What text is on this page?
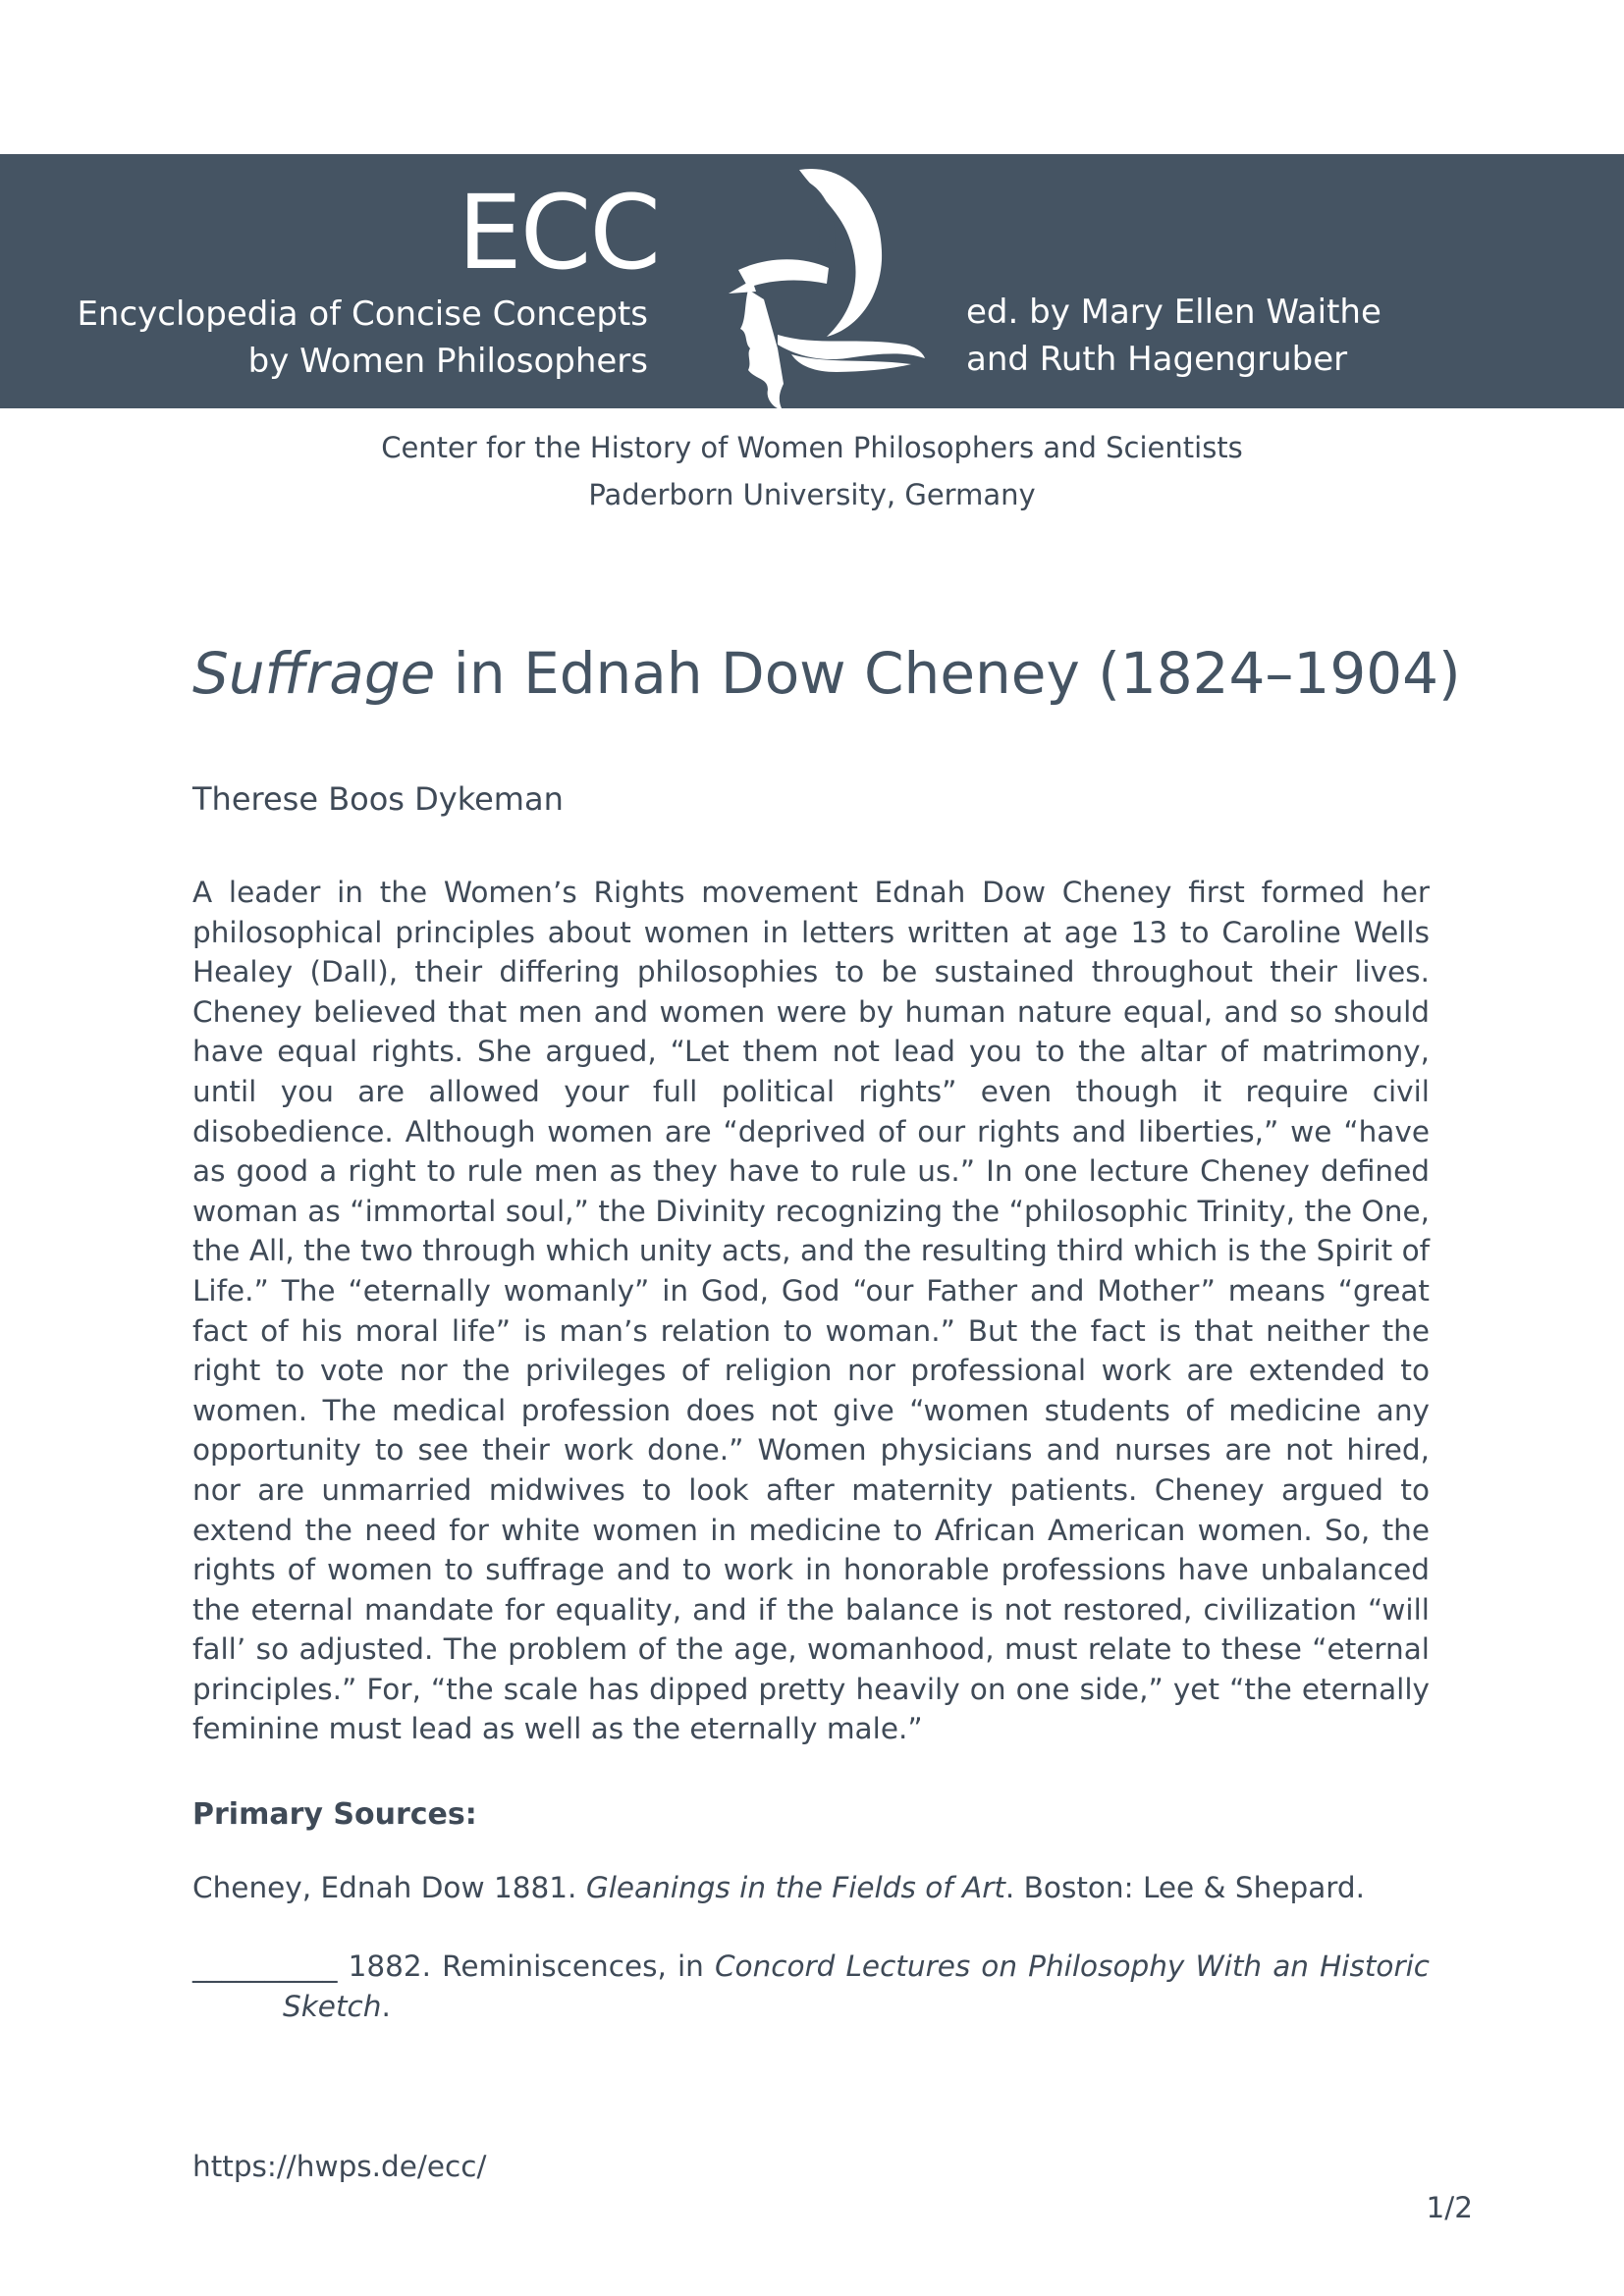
ECC
Encyclopedia of Concise Concepts
by Women Philosophers
ed. by Mary Ellen Waithe
and Ruth Hagengruber
Center for the History of Women Philosophers and Scientists
Paderborn University, Germany
Suffrage in Ednah Dow Cheney (1824–1904)
Therese Boos Dykeman
A leader in the Women’s Rights movement Ednah Dow Cheney first formed her philosophical principles about women in letters written at age 13 to Caroline Wells Healey (Dall), their differing philosophies to be sustained throughout their lives. Cheney believed that men and women were by human nature equal, and so should have equal rights. She argued, “Let them not lead you to the altar of matrimony, until you are allowed your full political rights” even though it require civil disobedience. Although women are “deprived of our rights and liberties,” we “have as good a right to rule men as they have to rule us.” In one lecture Cheney defined woman as “immortal soul,” the Divinity recognizing the “philosophic Trinity, the One, the All, the two through which unity acts, and the resulting third which is the Spirit of Life.” The “eternally womanly” in God, God “our Father and Mother” means “great fact of his moral life” is man’s relation to woman.” But the fact is that neither the right to vote nor the privileges of religion nor professional work are extended to women. The medical profession does not give “women students of medicine any opportunity to see their work done.” Women physicians and nurses are not hired, nor are unmarried midwives to look after maternity patients. Cheney argued to extend the need for white women in medicine to African American women. So, the rights of women to suffrage and to work in honorable professions have unbalanced the eternal mandate for equality, and if the balance is not restored, civilization “will fall’ so adjusted. The problem of the age, womanhood, must relate to these “eternal principles.” For, “the scale has dipped pretty heavily on one side,” yet “the eternally feminine must lead as well as the eternally male.”
Primary Sources:
Cheney, Ednah Dow 1881. Gleanings in the Fields of Art. Boston: Lee & Shepard.
__________ 1882. Reminiscences, in Concord Lectures on Philosophy With an Historic
Sketch.
https://hwps.de/ecc/
1/2
